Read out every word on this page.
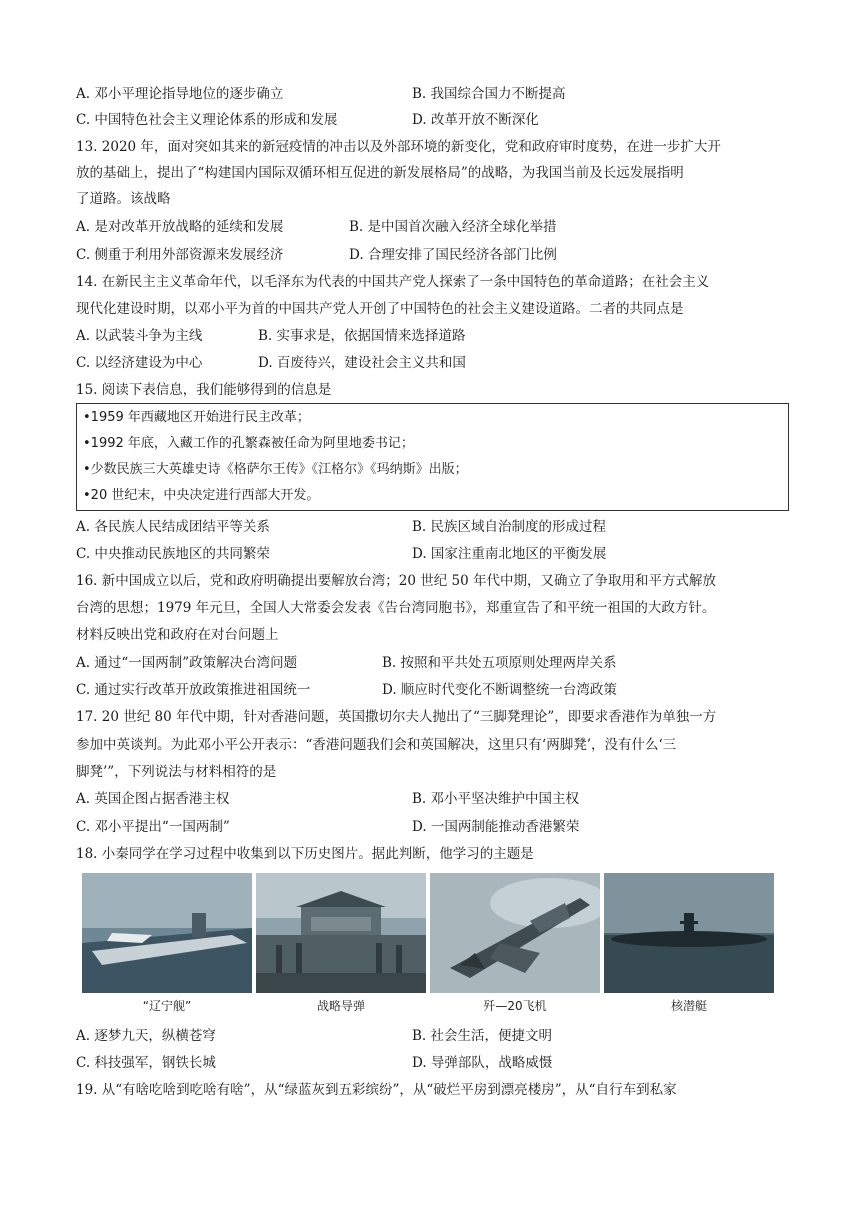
A. 邓小平理论指导地位的逐步确立	B. 我国综合国力不断提高
C. 中国特色社会主义理论体系的形成和发展	D. 改革开放不断深化
13. 2020 年，面对突如其来的新冠疫情的冲击以及外部环境的新变化，党和政府审时度势，在进一步扩大开
放的基础上，提出了“构建国内国际双循环相互促进的新发展格局”的战略，为我国当前及长远发展指明
了道路。该战略
A. 是对改革开放战略的延续和发展	B. 是中国首次融入经济全球化举措
C. 侧重于利用外部资源来发展经济	D. 合理安排了国民经济各部门比例
14. 在新民主主义革命年代，以毛泽东为代表的中国共产党人探索了一条中国特色的革命道路；在社会主义
现代化建设时期，以邓小平为首的中国共产党人开创了中国特色的社会主义建设道路。二者的共同点是
A. 以武装斗争为主线	B. 实事求是，依据国情来选择道路
C. 以经济建设为中心	D. 百废待兴，建设社会主义共和国
15. 阅读下表信息，我们能够得到的信息是
•1959 年西藏地区开始进行民主改革；
•1992 年底，入藏工作的孔繁森被任命为阿里地委书记；
•少数民族三大英雄史诗《格萨尔王传》《江格尔》《玛纳斯》出版；
•20 世纪末，中央决定进行西部大开发。
A. 各民族人民结成团结平等关系	B. 民族区域自治制度的形成过程
C. 中央推动民族地区的共同繁荣	D. 国家注重南北地区的平衡发展
16. 新中国成立以后，党和政府明确提出要解放台湾；20 世纪 50 年代中期，又确立了争取用和平方式解放
台湾的思想；1979 年元旦，全国人大常委会发表《告台湾同胞书》，郑重宣告了和平统一祖国的大政方针。
材料反映出党和政府在对台问题上
A. 通过“一国两制”政策解决台湾问题	B. 按照和平共处五项原则处理两岸关系
C. 通过实行改革开放政策推进祖国统一	D. 顺应时代变化不断调整统一台湾政策
17. 20 世纪 80 年代中期，针对香港问题，英国撒切尔夫人抛出了“三脚凳理论”，即要求香港作为单独一方
参加中英谈判。为此邓小平公开表示：“香港问题我们会和英国解决，这里只有‘两脚凳’，没有什么‘三
脚凳’”，下列说法与材料相符的是
A. 英国企图占据香港主权	B. 邓小平坚决维护中国主权
C. 邓小平提出“一国两制”	D. 一国两制能推动香港繁荣
18. 小秦同学在学习过程中收集到以下历史图片。据此判断，他学习的主题是
“辽宁舰”	战略导弹	歼—20飞机	核潜艇
A. 逐梦九天，纵横苍穹	B. 社会生活，便捷文明
C. 科技强军，钢铁长城	D. 导弹部队，战略威慑
19. 从“有啥吃啥到吃啥有啥”，从“绿蓝灰到五彩缤纷”，从“破烂平房到漂亮楼房”，从“自行车到私家
